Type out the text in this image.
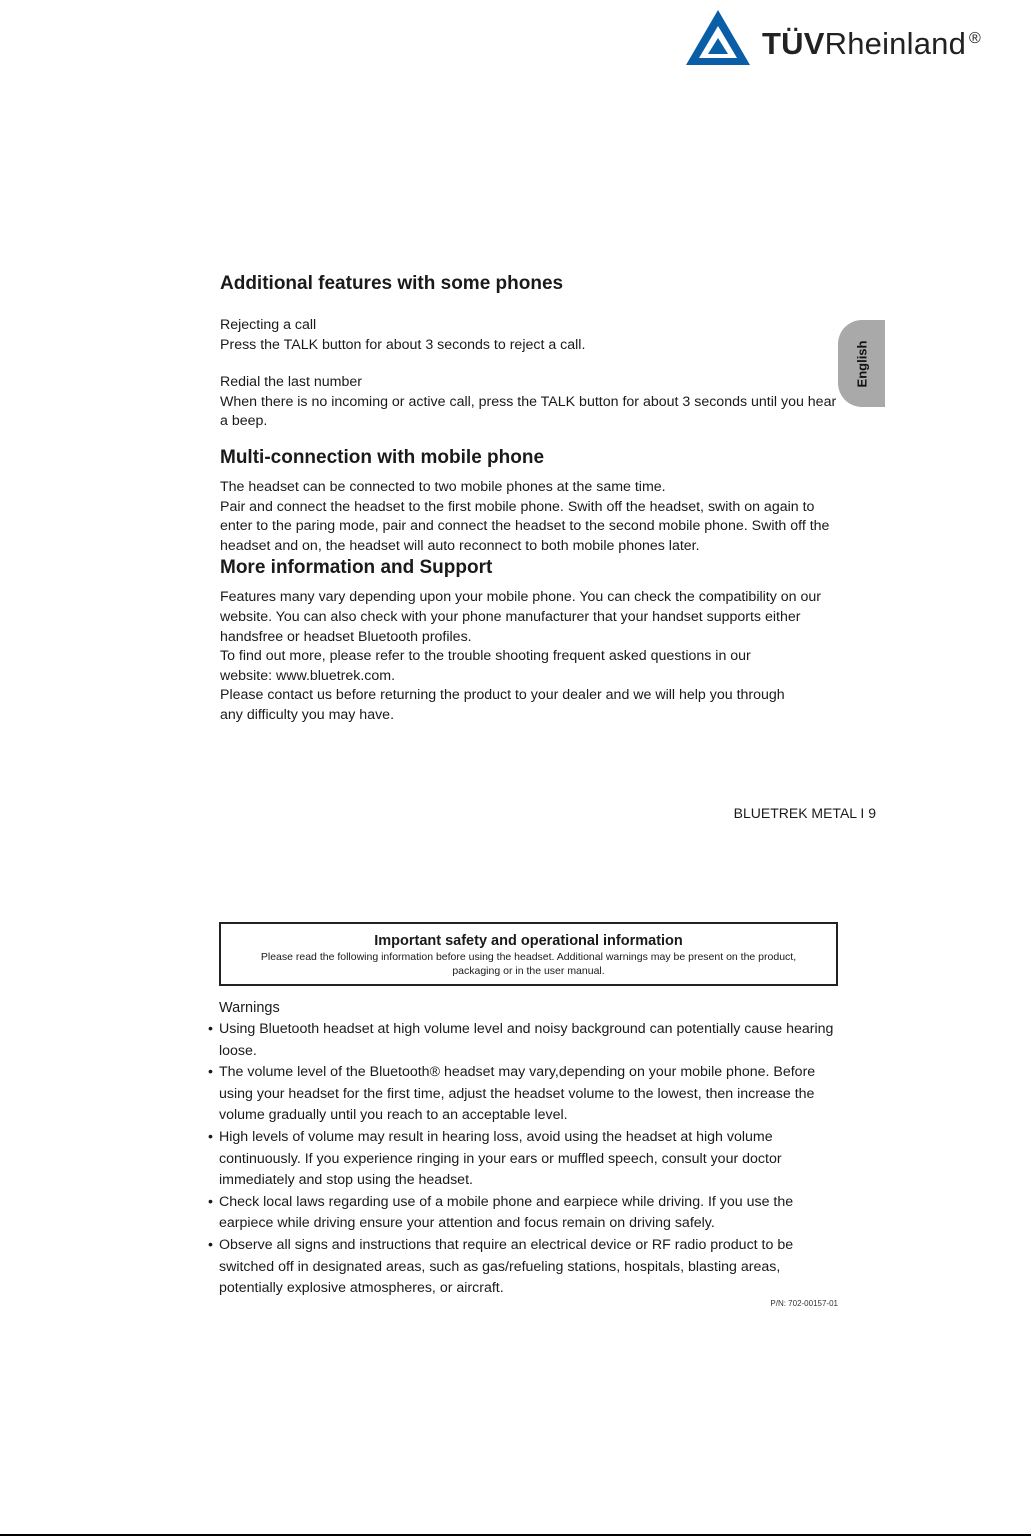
TÜVRheinland ®
English
Additional features with some phones
Rejecting a call

Press the TALK button for about 3 seconds to reject a call.

Redial the last number

When there is no incoming or active call, press the TALK button for about 3 seconds until you hear a beep.

Multi-connection with mobile phone

The headset can be connected to two mobile phones at the same time.

Pair and connect the headset to the first mobile phone. Swith off the headset, swith on again to enter to the paring mode, pair and connect the headset to the second mobile phone. Swith off the headset and on, the headset will auto reconnect to both mobile phones later.

More information and Support

Features many vary depending upon your mobile phone. You can check the compatibility on our website. You can also check with your phone manufacturer that your handset supports either handsfree or headset Bluetooth profiles.

To find out more, please refer to the trouble shooting frequent asked questions in our website: www.bluetrek.com.

Please contact us before returning the product to your dealer and we will help you through any difficulty you may have.

BLUETREK METAL I 9
Important safety and operational information
Please read the following information before using the headset. Additional warnings may be present on the product, packaging or in the user manual.
Warnings
• Using Bluetooth headset at high volume level and noisy background can potentially cause hearing loose.
• The volume level of the Bluetooth® headset may vary,depending on your mobile phone. Before using your headset for the first time, adjust the headset volume to the lowest, then increase the volume gradually until you reach to an acceptable level.
• High levels of volume may result in hearing loss, avoid using the headset at high volume continuously. If you experience ringing in your ears or muffled speech, consult your doctor immediately and stop using the headset.
• Check local laws regarding use of a mobile phone and earpiece while driving. If you use the earpiece while driving ensure your attention and focus remain on driving safely.
• Observe all signs and instructions that require an electrical device or RF radio product to be switched off in designated areas, such as gas/refueling stations, hospitals, blasting areas, potentially explosive atmospheres, or aircraft.
P/N: 702-00157-01
